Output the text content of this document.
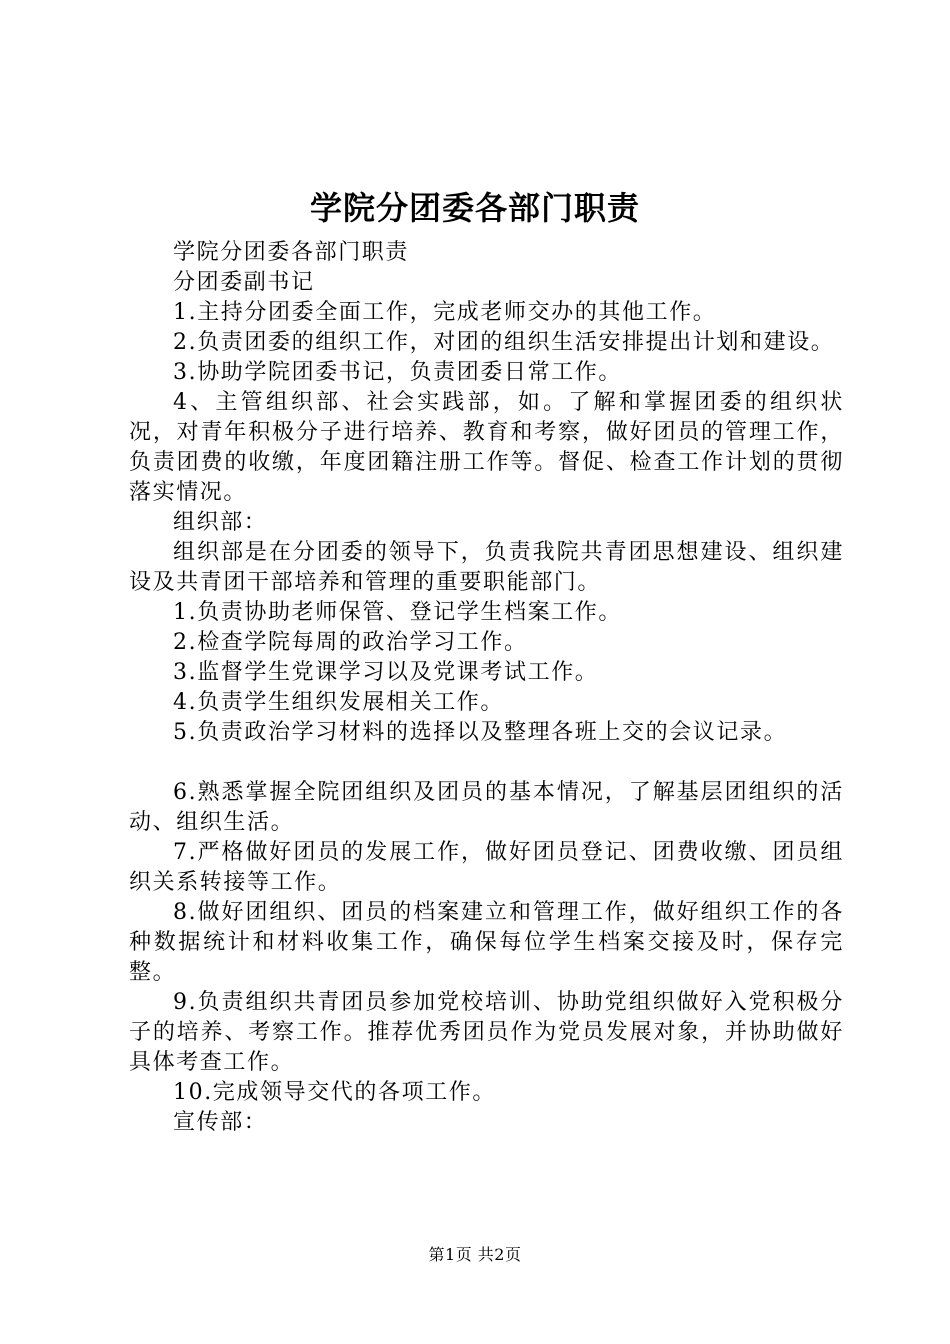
学院分团委各部门职责

学院分团委各部门职责

分团委副书记

1.主持分团委全面工作，完成老师交办的其他工作。

2.负责团委的组织工作，对团的组织生活安排提出计划和建设。

3.协助学院团委书记，负责团委日常工作。

4、主管组织部、社会实践部，如。了解和掌握团委的组织状况，对青年积极分子进行培养、教育和考察，做好团员的管理工作，负责团费的收缴，年度团籍注册工作等。督促、检查工作计划的贯彻落实情况。

组织部：

组织部是在分团委的领导下，负责我院共青团思想建设、组织建设及共青团干部培养和管理的重要职能部门。

1.负责协助老师保管、登记学生档案工作。

2.检查学院每周的政治学习工作。

3.监督学生党课学习以及党课考试工作。

4.负责学生组织发展相关工作。

5.负责政治学习材料的选择以及整理各班上交的会议记录。

6.熟悉掌握全院团组织及团员的基本情况，了解基层团组织的活动、组织生活。

7.严格做好团员的发展工作，做好团员登记、团费收缴、团员组织关系转接等工作。

8.做好团组织、团员的档案建立和管理工作，做好组织工作的各种数据统计和材料收集工作，确保每位学生档案交接及时，保存完整。

9.负责组织共青团员参加党校培训、协助党组织做好入党积极分子的培养、考察工作。推荐优秀团员作为党员发展对象，并协助做好具体考查工作。

10.完成领导交代的各项工作。

宣传部：

第1页 共2页
